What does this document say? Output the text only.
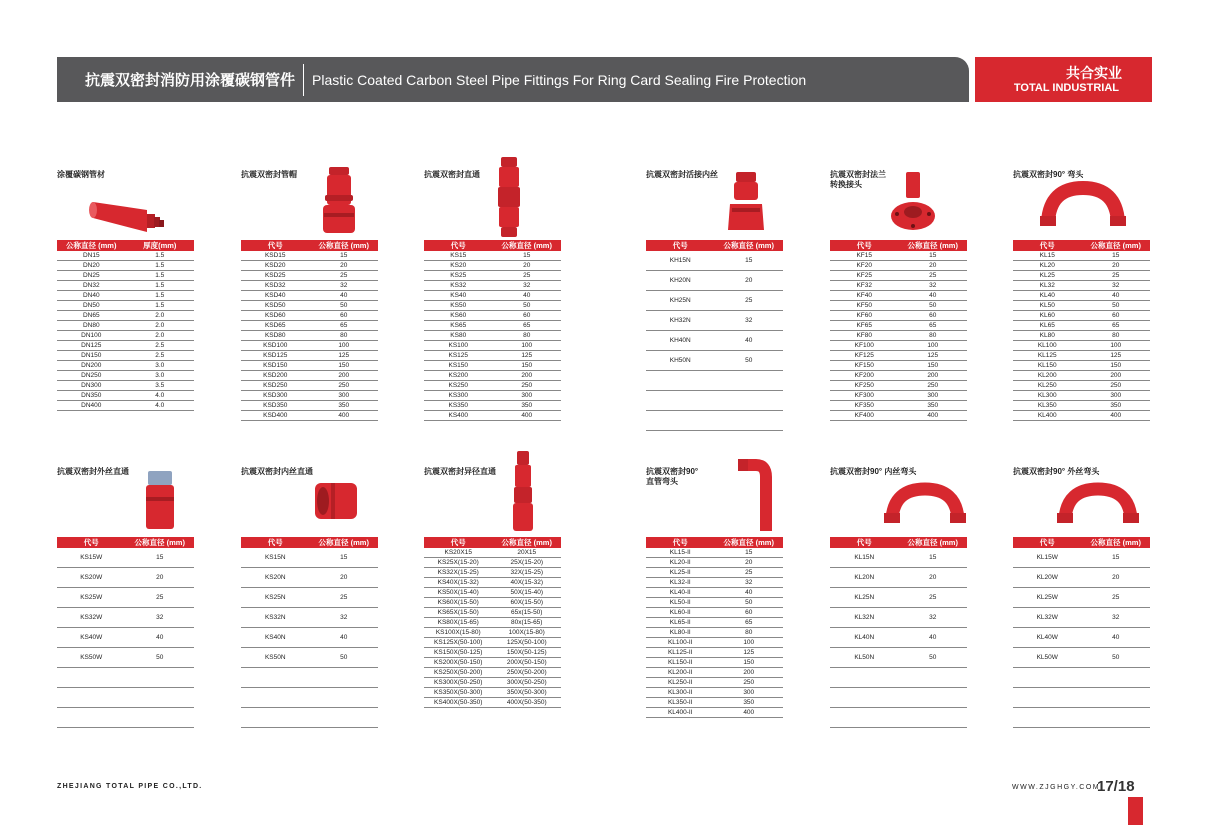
抗震双密封消防用涂覆碳钢管件	Plastic Coated Carbon Steel Pipe Fittings For Ring Card Sealing Fire Protection	共合实业
TOTAL INDUSTRIAL
涂覆碳钢管材
公称直径 (mm)	厚度(mm)
DN15	1.5
DN20	1.5
DN25	1.5
DN32	1.5
DN40	1.5
DN50	1.5
DN65	2.0
DN80	2.0
DN100	2.0
DN125	2.5
DN150	2.5
DN200	3.0
DN250	3.0
DN300	3.5
DN350	4.0
DN400	4.0
抗震双密封管帽
代号	公称直径 (mm)
KSD15	15
KSD20	20
KSD25	25
KSD32	32
KSD40	40
KSD50	50
KSD60	60
KSD65	65
KSD80	80
KSD100	100
KSD125	125
KSD150	150
KSD200	200
KSD250	250
KSD300	300
KSD350	350
KSD400	400
抗震双密封直通
代号	公称直径 (mm)
KS15	15
KS20	20
KS25	25
KS32	32
KS40	40
KS50	50
KS60	60
KS65	65
KS80	80
KS100	100
KS125	125
KS150	150
KS200	200
KS250	250
KS300	300
KS350	350
KS400	400
抗震双密封活接内丝
代号	公称直径 (mm)
KH15N	15
KH20N	20
KH25N	25
KH32N	32
KH40N	40
KH50N	50

抗震双密封法兰
转换接头
代号	公称直径 (mm)
KF15	15
KF20	20
KF25	25
KF32	32
KF40	40
KF50	50
KF60	60
KF65	65
KF80	80
KF100	100
KF125	125
KF150	150
KF200	200
KF250	250
KF300	300
KF350	350
KF400	400
抗震双密封90° 弯头
代号	公称直径 (mm)
KL15	15
KL20	20
KL25	25
KL32	32
KL40	40
KL50	50
KL60	60
KL65	65
KL80	80
KL100	100
KL125	125
KL150	150
KL200	200
KL250	250
KL300	300
KL350	350
KL400	400
抗震双密封外丝直通
代号	公称直径 (mm)
KS15W	15
KS20W	20
KS25W	25
KS32W	32
KS40W	40
KS50W	50

抗震双密封内丝直通
代号	公称直径 (mm)
KS15N	15
KS20N	20
KS25N	25
KS32N	32
KS40N	40
KS50N	50

抗震双密封异径直通
代号	公称直径 (mm)
KS20X15	20X15
KS25X(15-20)	25X(15-20)
KS32X(15-25)	32X(15-25)
KS40X(15-32)	40X(15-32)
KS50X(15-40)	50X(15-40)
KS60X(15-50)	60X(15-50)
KS65X(15-50)	65x(15-50)
KS80X(15-65)	80x(15-65)
KS100X(15-80)	100X(15-80)
KS125X(50-100)	125X(50-100)
KS150X(50-125)	150X(50-125)
KS200X(50-150)	200X(50-150)
KS250X(50-200)	250X(50-200)
KS300X(50-250)	300X(50-250)
KS350X(50-300)	350X(50-300)
KS400X(50-350)	400X(50-350)
抗震双密封90°
直管弯头
代号	公称直径 (mm)
KL15-II	15
KL20-II	20
KL25-II	25
KL32-II	32
KL40-II	40
KL50-II	50
KL60-II	60
KL65-II	65
KL80-II	80
KL100-II	100
KL125-II	125
KL150-II	150
KL200-II	200
KL250-II	250
KL300-II	300
KL350-II	350
KL400-II	400
抗震双密封90° 内丝弯头
代号	公称直径 (mm)
KL15N	15
KL20N	20
KL25N	25
KL32N	32
KL40N	40
KL50N	50

抗震双密封90° 外丝弯头
代号	公称直径 (mm)
KL15W	15
KL20W	20
KL25W	25
KL32W	32
KL40W	40
KL50W	50

ZHEJIANG TOTAL PIPE CO.,LTD.	WWW.ZJGHGY.COM
17/18
